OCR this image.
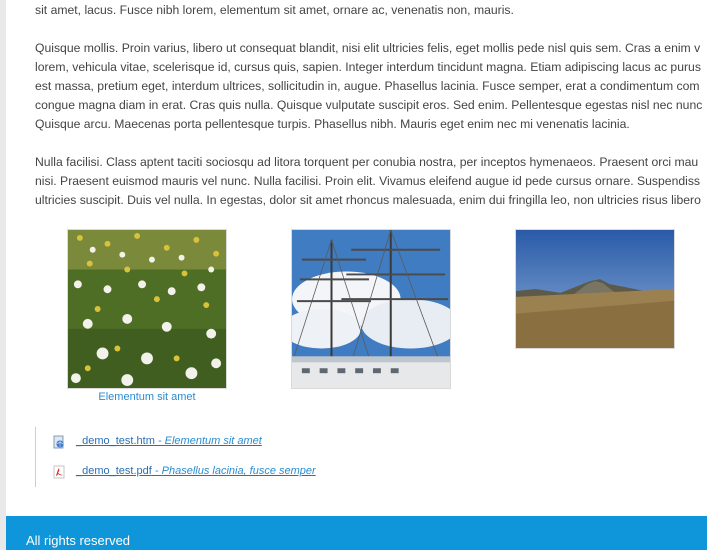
sit amet, lacus. Fusce nibh lorem, elementum sit amet, ornare ac, venenatis non, mauris.

Quisque mollis. Proin varius, libero ut consequat blandit, nisi elit ultricies felis, eget mollis pede nisl quis sem. Cras a enim v
lorem, vehicula vitae, scelerisque id, cursus quis, sapien. Integer interdum tincidunt magna. Etiam adipiscing lacus ac purus
est massa, pretium eget, interdum ultrices, sollicitudin in, augue. Phasellus lacinia. Fusce semper, erat a condimentum com
congue magna diam in erat. Cras quis nulla. Quisque vulputate suscipit eros. Sed enim. Pellentesque egestas nisl nec nunc
Quisque arcu. Maecenas porta pellentesque turpis. Phasellus nibh. Mauris eget enim nec mi venenatis lacinia.

Nulla facilisi. Class aptent taciti sociosqu ad litora torquent per conubia nostra, per inceptos hymenaeos. Praesent orci mau
nisi. Praesent euismod mauris vel nunc. Nulla facilisi. Proin elit. Vivamus eleifend augue id pede cursus ornare. Suspendiss
ultricies suscipit. Duis vel nulla. In egestas, dolor sit amet rhoncus malesuada, enim dui fringilla leo, non ultricies risus libero

Elementum sit amet
_demo_test.htm - Elementum sit amet
_demo_test.pdf - Phasellus lacinia, fusce semper
All rights reserved
